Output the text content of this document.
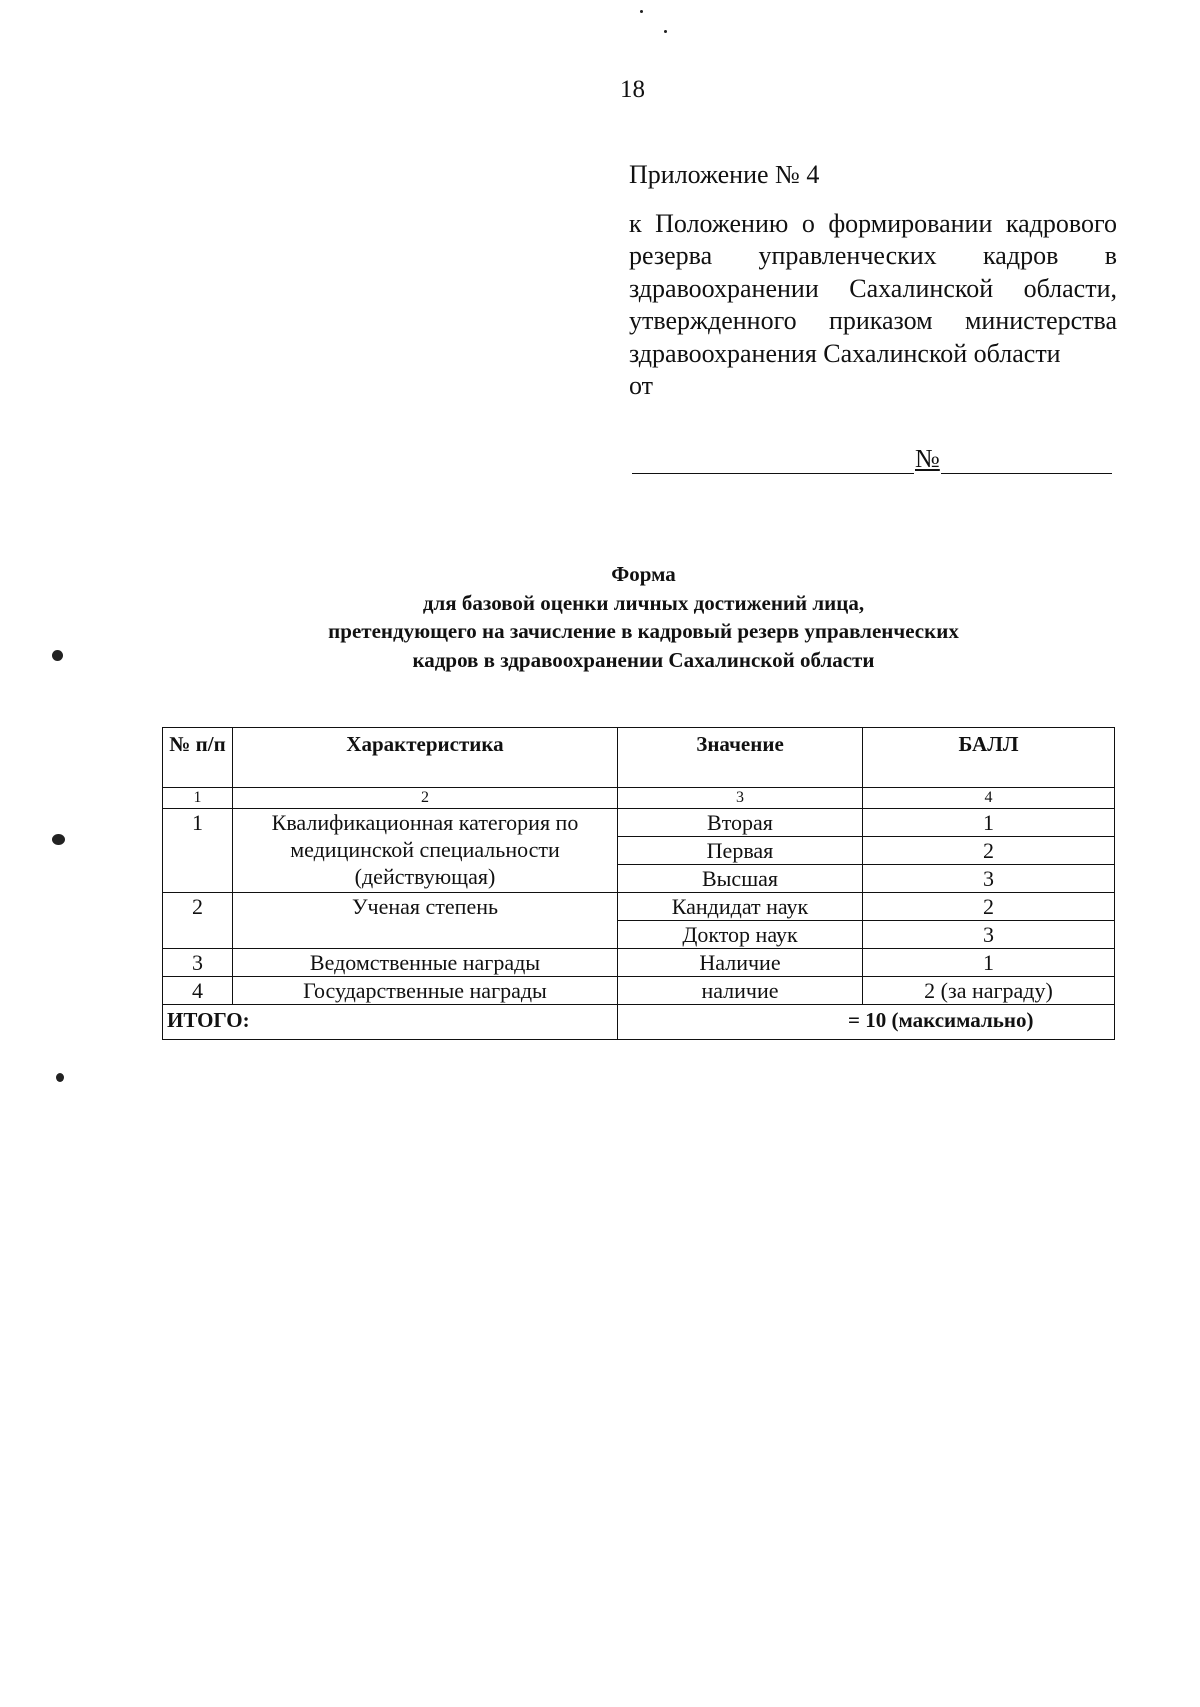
18
Приложение № 4
к Положению о формировании кадрового резерва управленческих кадров в здравоохранении Сахалинской области, утвержденного приказом министерства здравоохранения Сахалинской области
от
№
Форма
для базовой оценки личных достижений лица,
претендующего на зачисление в кадровый резерв управленческих
кадров в здравоохранении Сахалинской области
№ п/п	Характеристика	Значение	БАЛЛ
1	2	3	4
1	Квалификационная категория по медицинской специальности (действующая)	Вторая	1
		Первая	2
		Высшая	3
2	Ученая степень	Кандидат наук	2
		Доктор наук	3
3	Ведомственные награды	Наличие	1
4	Государственные награды	наличие	2 (за награду)
ИТОГО:		= 10 (максимально)	
